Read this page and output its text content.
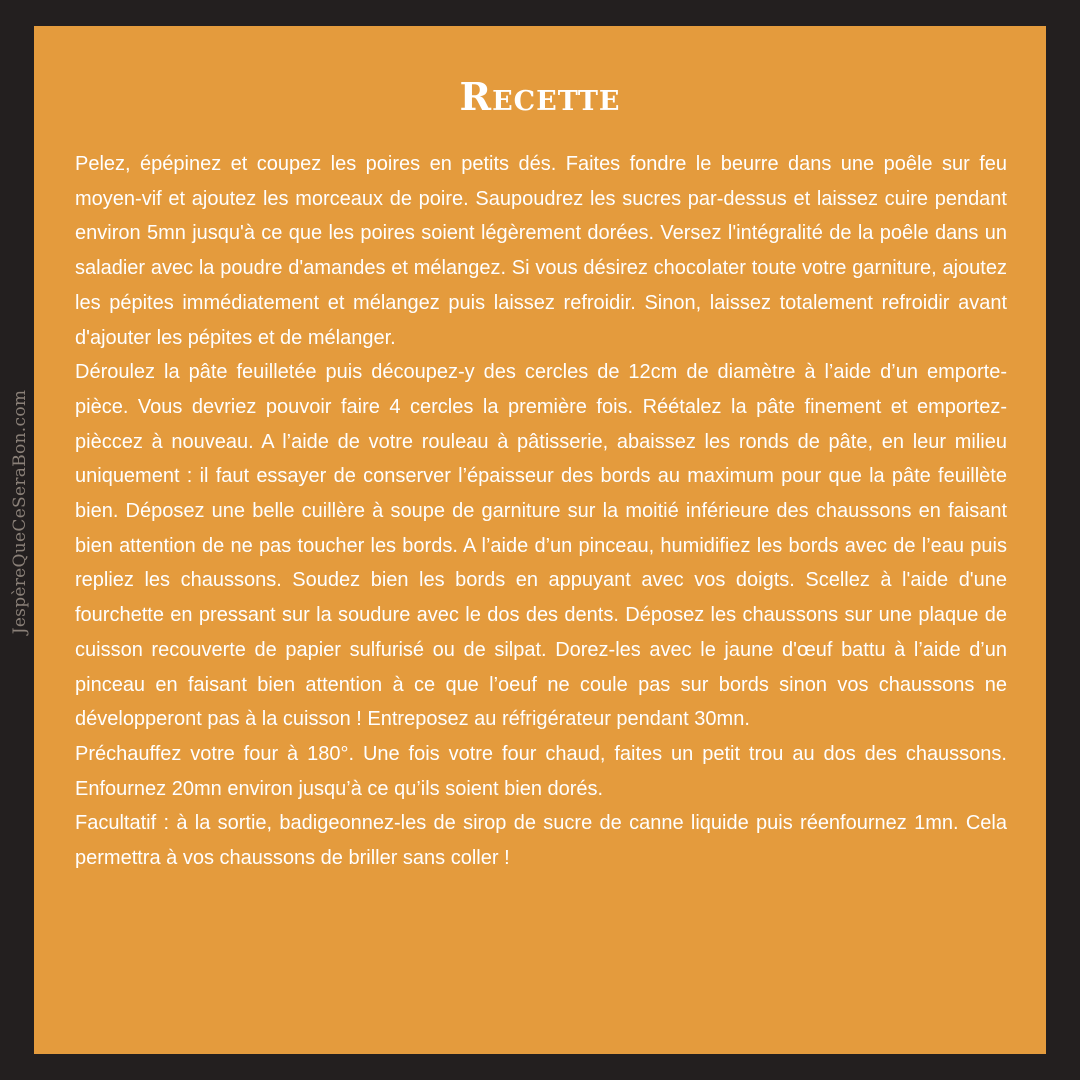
JespèreQueCeSeraBon.com
Recette

Pelez, épépinez et coupez les poires en petits dés. Faites fondre le beurre dans une poêle sur feu moyen-vif et ajoutez les morceaux de poire. Saupoudrez les sucres par-dessus et laissez cuire pendant environ 5mn jusqu'à ce que les poires soient légèrement dorées. Versez l'intégralité de la poêle dans un saladier avec la poudre d'amandes et mélangez. Si vous désirez chocolater toute votre garniture, ajoutez les pépites immédiatement et mélangez puis laissez refroidir. Sinon, laissez totalement refroidir avant d'ajouter les pépites et de mélanger.

Déroulez la pâte feuilletée puis découpez-y des cercles de 12cm de diamètre à l’aide d’un emporte-pièce. Vous devriez pouvoir faire 4 cercles la première fois. Réétalez la pâte finement et emportez-pièccez à nouveau. A l’aide de votre rouleau à pâtisserie, abaissez les ronds de pâte, en leur milieu uniquement : il faut essayer de conserver l’épaisseur des bords au maximum pour que la pâte feuillète bien. Déposez une belle cuillère à soupe de garniture sur la moitié inférieure des chaussons en faisant bien attention de ne pas toucher les bords. A l’aide d’un pinceau, humidifiez les bords avec de l’eau puis repliez les chaussons. Soudez bien les bords en appuyant avec vos doigts. Scellez à l'aide d'une fourchette en pressant sur la soudure avec le dos des dents. Déposez les chaussons sur une plaque de cuisson recouverte de papier sulfurisé ou de silpat. Dorez-les avec le jaune d'œuf battu à l’aide d’un pinceau en faisant bien attention à ce que l’oeuf ne coule pas sur bords sinon vos chaussons ne développeront pas à la cuisson ! Entreposez au réfrigérateur pendant 30mn.

Préchauffez votre four à 180°. Une fois votre four chaud, faites un petit trou au dos des chaussons. Enfournez 20mn environ jusqu’à ce qu’ils soient bien dorés.

Facultatif : à la sortie, badigeonnez-les de sirop de sucre de canne liquide puis réenfournez 1mn. Cela permettra à vos chaussons de briller sans coller !
